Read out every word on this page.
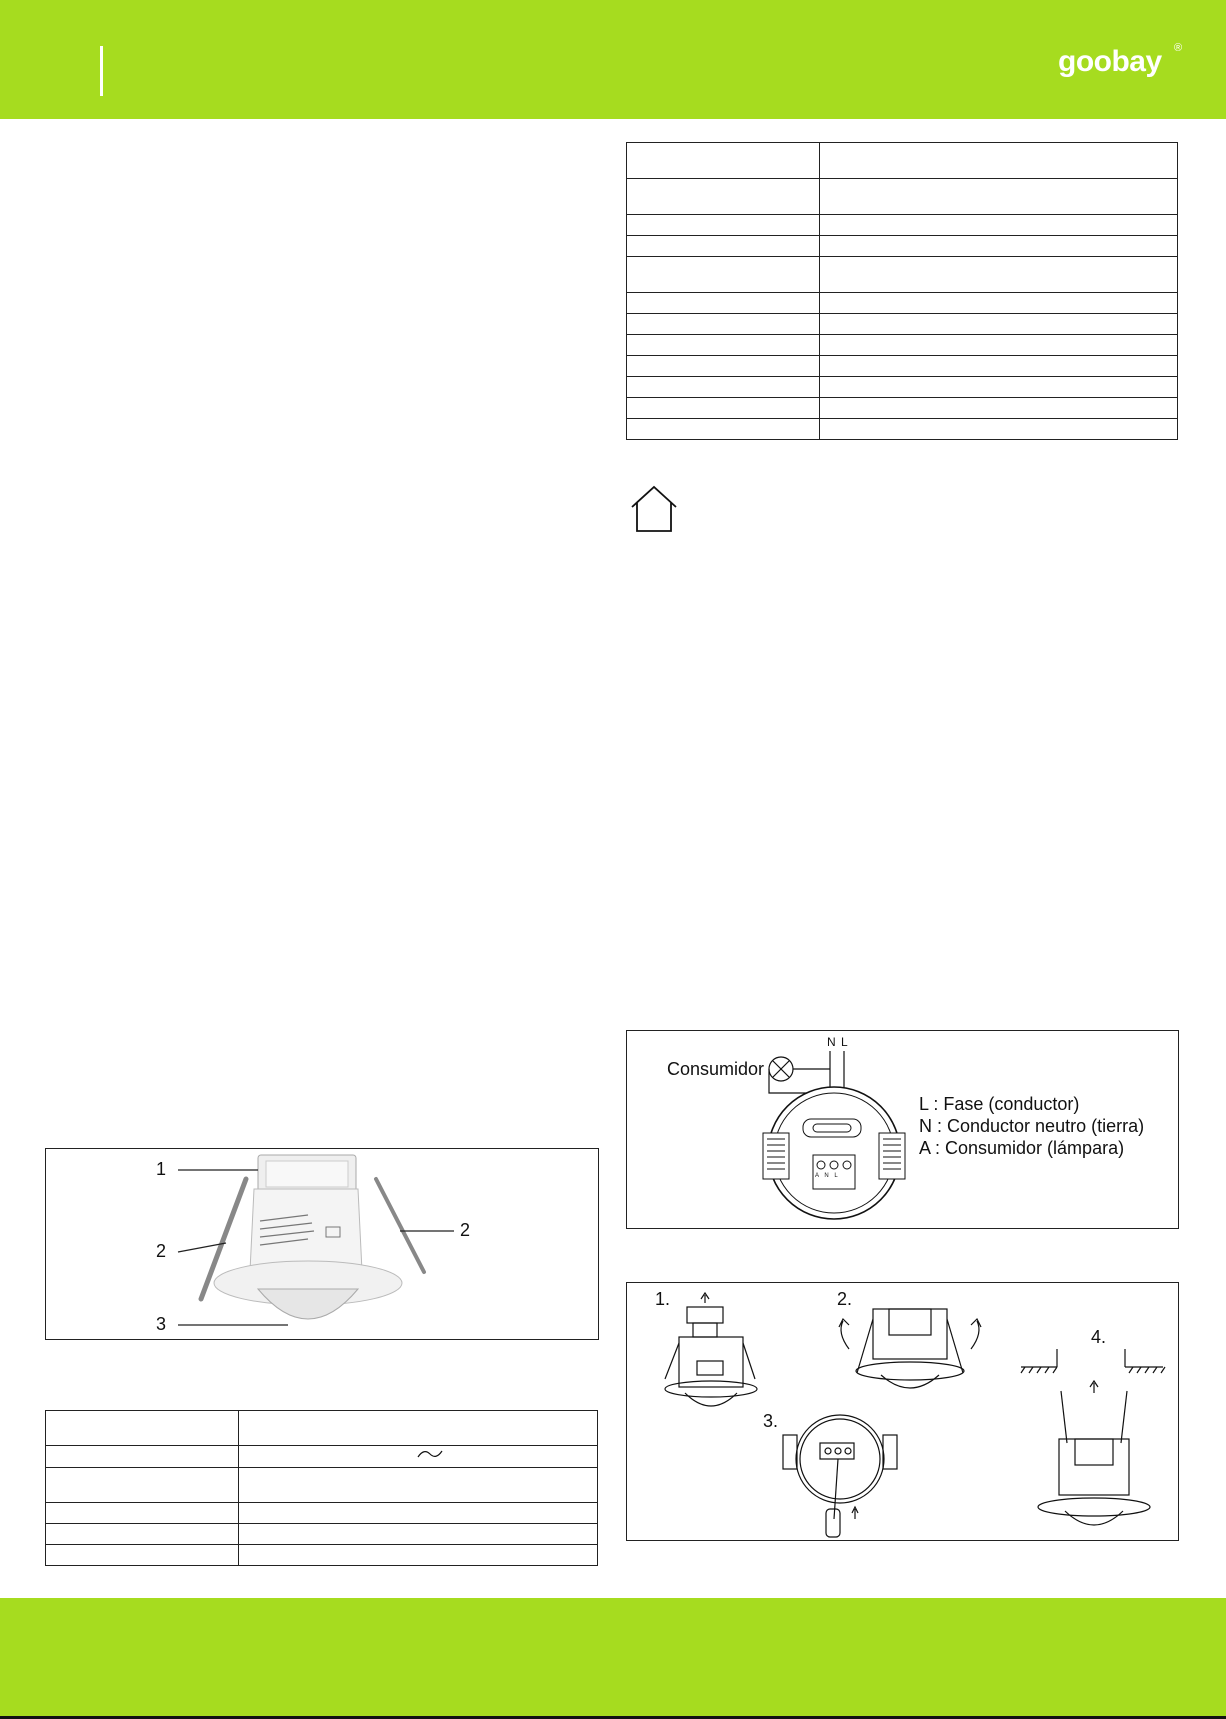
goobay ®

1
2
2
3

Consumidor
N L
A N L
L : Fase (conductor)
N : Conductor neutro (tierra)
A : Consumidor (lámpara)
1.	2.
3.
4.
